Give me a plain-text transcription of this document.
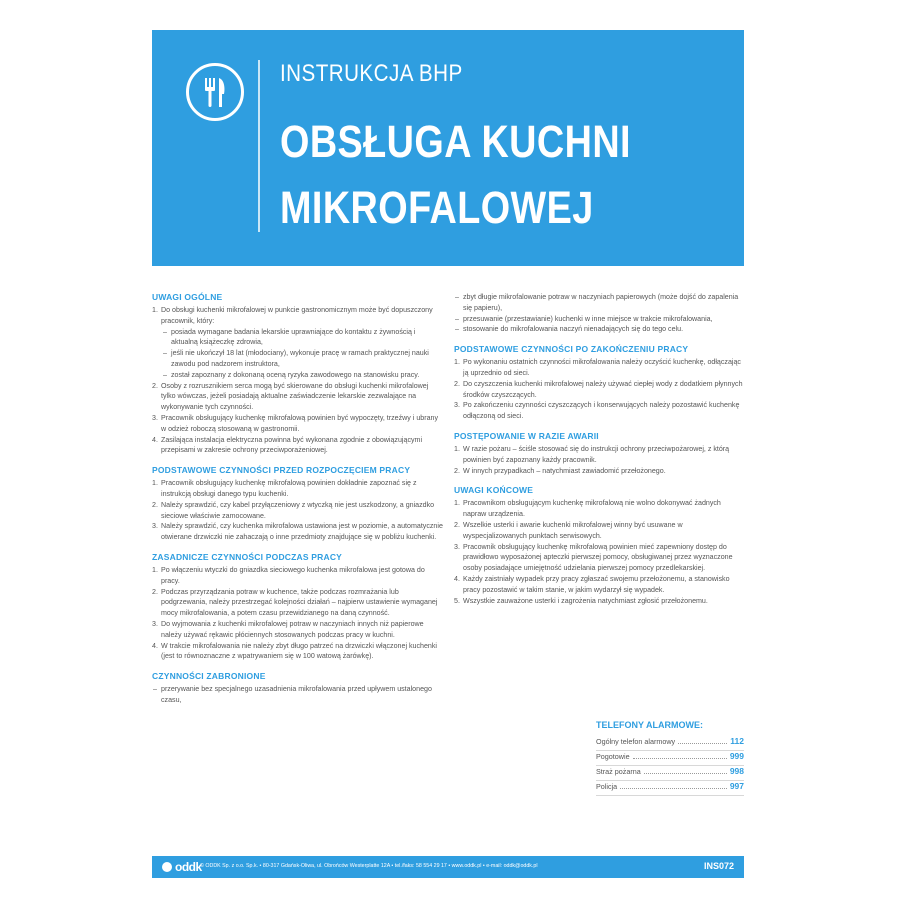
INSTRUKCJA BHP
OBSŁUGA KUCHNI
MIKROFALOWEJ
UWAGI OGÓLNE
1. Do obsługi kuchenki mikrofalowej w punkcie gastronomicznym może być dopuszczony pracownik, który:
– posiada wymagane badania lekarskie uprawniające do kontaktu z żywnością i aktualną książeczkę zdrowia,
– jeśli nie ukończył 18 lat (młodociany), wykonuje pracę w ramach praktycznej nauki zawodu pod nadzorem instruktora,
– został zapoznany z dokonaną oceną ryzyka zawodowego na stanowisku pracy.
2. Osoby z rozrusznikiem serca mogą być skierowane do obsługi kuchenki mikrofalowej tylko wówczas, jeżeli posiadają aktualne zaświadczenie lekarskie zezwalające na wykonywanie tych czynności.
3. Pracownik obsługujący kuchenkę mikrofalową powinien być wypoczęty, trzeźwy i ubrany w odzież roboczą stosowaną w gastronomii.
4. Zasilająca instalacja elektryczna powinna być wykonana zgodnie z obowiązującymi przepisami w zakresie ochrony przeciwporażeniowej.
PODSTAWOWE CZYNNOŚCI PRZED ROZPOCZĘCIEM PRACY
1. Pracownik obsługujący kuchenkę mikrofalową powinien dokładnie zapoznać się z instrukcją obsługi danego typu kuchenki.
2. Należy sprawdzić, czy kabel przyłączeniowy z wtyczką nie jest uszkodzony, a gniazdko sieciowe właściwie zamocowane.
3. Należy sprawdzić, czy kuchenka mikrofalowa ustawiona jest w poziomie, a automatycznie otwierane drzwiczki nie zahaczają o inne przedmioty znajdujące się w pobliżu kuchenki.
ZASADNICZE CZYNNOŚCI PODCZAS PRACY
1. Po włączeniu wtyczki do gniazdka sieciowego kuchenka mikrofalowa jest gotowa do pracy.
2. Podczas przyrządzania potraw w kuchence, także podczas rozmrażania lub podgrzewania, należy przestrzegać kolejności działań – najpierw ustawienie wymaganej mocy mikrofalowania, a potem czasu przewidzianego na daną czynność.
3. Do wyjmowania z kuchenki mikrofalowej potraw w naczyniach innych niż papierowe należy używać rękawic płóciennych stosowanych podczas pracy w kuchni.
4. W trakcie mikrofalowania nie należy zbyt długo patrzeć na drzwiczki włączonej kuchenki (jest to równoznaczne z wpatrywaniem się w 100 watową żarówkę).
CZYNNOŚCI ZABRONIONE
– przerywanie bez specjalnego uzasadnienia mikrofalowania przed upływem ustalonego czasu,
– zbyt długie mikrofalowanie potraw w naczyniach papierowych (może dojść do zapalenia się papieru),
– przesuwanie (przestawianie) kuchenki w inne miejsce w trakcie mikrofalowania,
– stosowanie do mikrofalowania naczyń nienadających się do tego celu.
PODSTAWOWE CZYNNOŚCI PO ZAKOŃCZENIU PRACY
1. Po wykonaniu ostatnich czynności mikrofalowania należy oczyścić kuchenkę, odłączając ją uprzednio od sieci.
2. Do czyszczenia kuchenki mikrofalowej należy używać ciepłej wody z dodatkiem płynnych środków czyszczących.
3. Po zakończeniu czynności czyszczących i konserwujących należy pozostawić kuchenkę odłączoną od sieci.
POSTĘPOWANIE W RAZIE AWARII
1. W razie pożaru – ściśle stosować się do instrukcji ochrony przeciwpożarowej, z którą powinien być zapoznany każdy pracownik.
2. W innych przypadkach – natychmiast zawiadomić przełożonego.
UWAGI KOŃCOWE
1. Pracownikom obsługującym kuchenkę mikrofalową nie wolno dokonywać żadnych napraw urządzenia.
2. Wszelkie usterki i awarie kuchenki mikrofalowej winny być usuwane w wyspecjalizowanych punktach serwisowych.
3. Pracownik obsługujący kuchenkę mikrofalową powinien mieć zapewniony dostęp do prawidłowo wyposażonej apteczki pierwszej pomocy, obsługiwanej przez wyznaczone osoby posiadające umiejętność udzielania pierwszej pomocy przedlekarskiej.
4. Każdy zaistniały wypadek przy pracy zgłaszać swojemu przełożonemu, a stanowisko pracy pozostawić w takim stanie, w jakim wydarzył się wypadek.
5. Wszystkie zauważone usterki i zagrożenia natychmiast zgłosić przełożonemu.
TELEFONY ALARMOWE:
Ogólny telefon alarmowy	112
Pogotowie	999
Straż pożarna	998
Policja	997
oddk
© ODDK Sp. z o.o. Sp.k. • 80-317 Gdańsk-Oliwa, ul. Obrońców Westerplatte 12A • tel./faks: 58 554 29 17 • www.oddk.pl • e-mail: oddk@oddk.pl	INS072
